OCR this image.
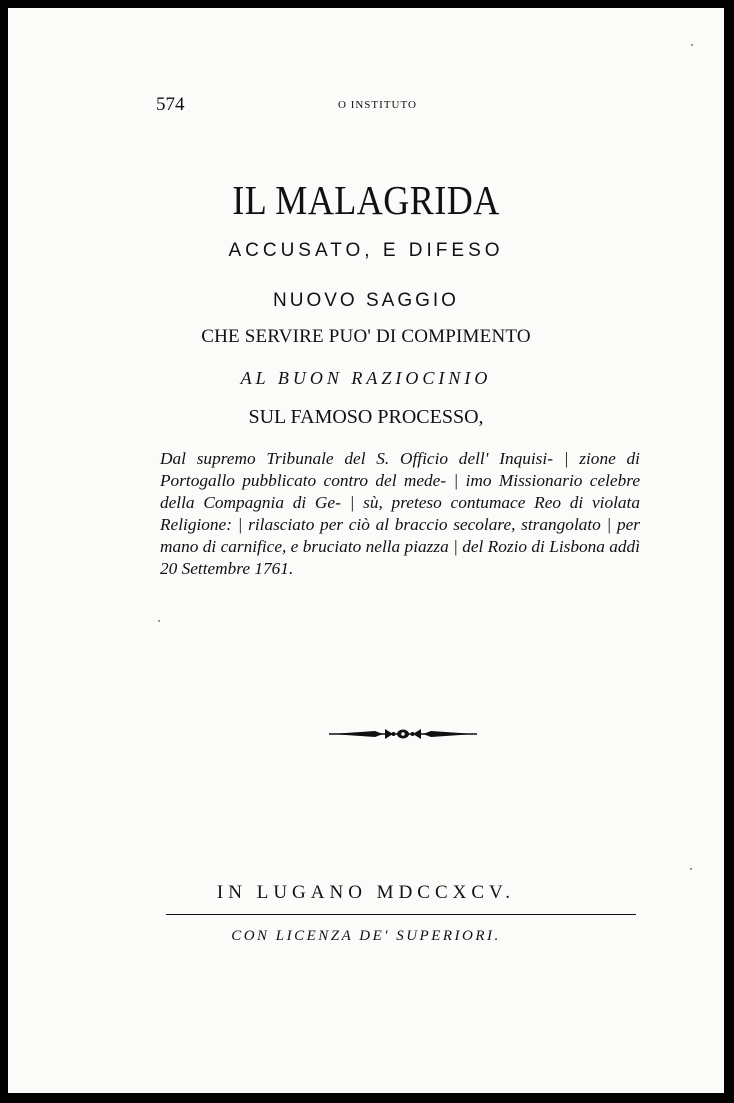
574	O INSTITUTO
IL MALAGRIDA
ACCUSATO, E DIFESO
NUOVO SAGGIO
CHE SERVIRE PUO' DI COMPIMENTO
AL BUON RAZIOCINIO
SUL FAMOSO PROCESSO,
Dal supremo Tribunale del S. Officio dell' Inquisi- | zione di Portogallo pubblicato contro del mede- | imo Missionario celebre della Compagnia di Ge- | sù, preteso contumace Reo di violata Religione: | rilasciato per ciò al braccio secolare, strangolato | per mano di carnifice, e bruciato nella piazza | del Rozio di Lisbona addì 20 Settembre 1761.
IN LUGANO MDCCXCV.
CON LICENZA DE' SUPERIORI.
